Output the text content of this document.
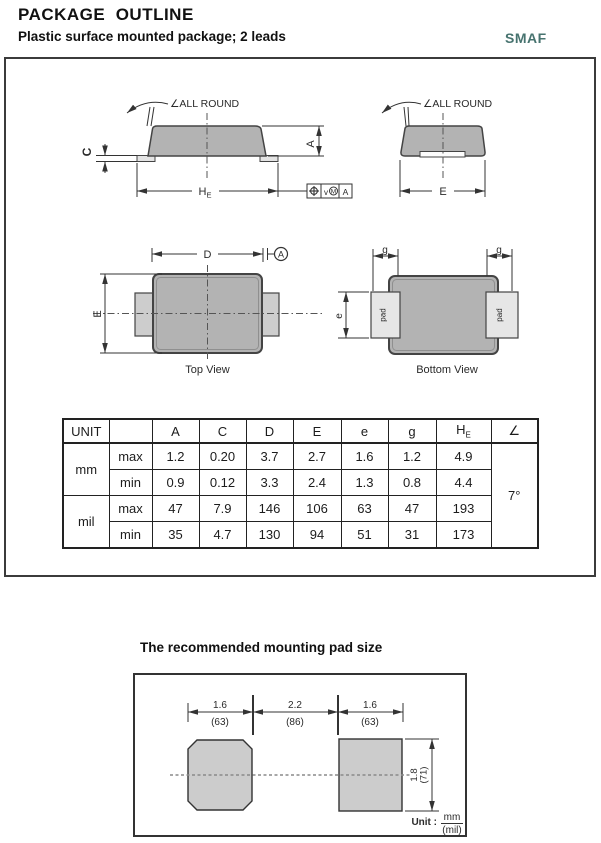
PACKAGE  OUTLINE
Plastic surface mounted package; 2 leads	SMAF
∠ALL ROUND
A
C
$H_E$	v M A
∠ALL ROUND
E
D	A
E
Top View
pad	pad
g	g
e
Bottom View
UNIT		A	C	D	E	e	g	$H_E$	∠
mm	max	1.2	0.20	3.7	2.7	1.6	1.2	4.9	7°
	min	0.9	0.12	3.3	2.4	1.3	0.8	4.4	
mil	max	47	7.9	146	106	63	47	193	
	min	35	4.7	130	94	51	31	173	
The recommended mounting pad size
1.6
(63)
2.2
(86)
1.6
(63)
1.8
(71)
Unit : mm
(mil)
